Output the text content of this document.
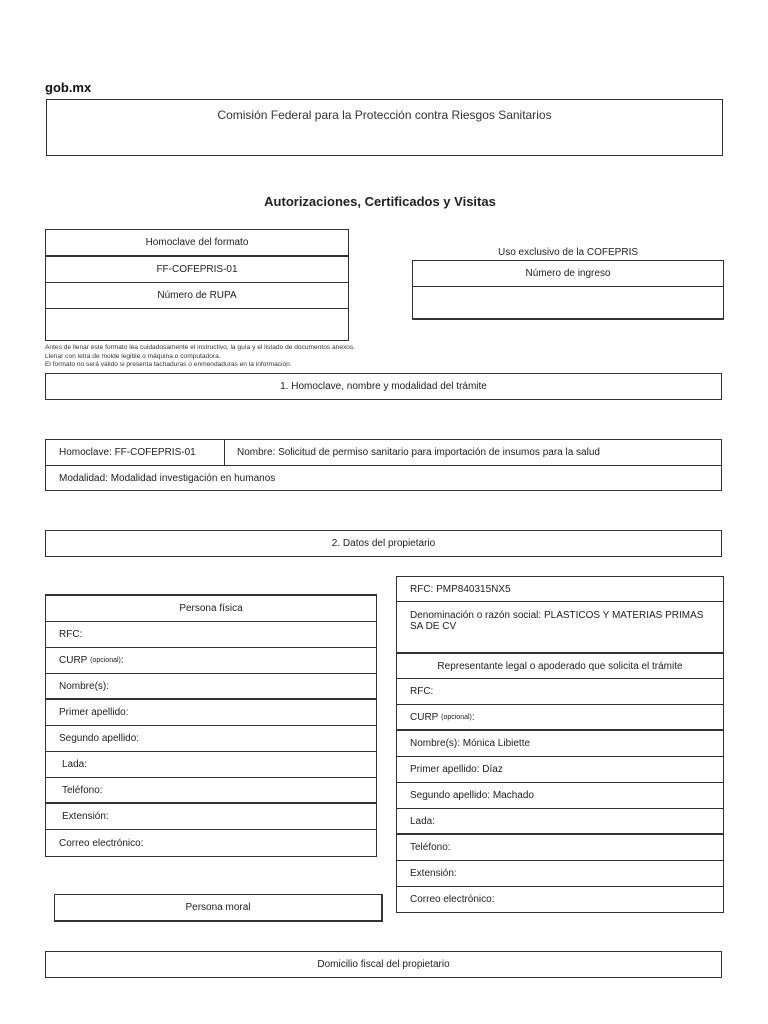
gob.mx
Comisión Federal para la Protección contra Riesgos Sanitarios
Autorizaciones, Certificados y Visitas
Homoclave del formato
FF-COFEPRIS-01
Número de RUPA
Uso exclusivo de la COFEPRIS
Número de ingreso
Antes de llenar este formato lea cuidadosamente el instructivo, la guía y el listado de documentos anexos.
Llenar con letra de molde legible o máquina o computadora.
El formato no será válido si presenta tachaduras o enmendaduras en la información.
1. Homoclave, nombre y modalidad del trámite
Homoclave: FF-COFEPRIS-01	Nombre: Solicitud de permiso sanitario para importación de insumos para la salud
Modalidad: Modalidad investigación en humanos
2. Datos del propietario
Persona física
RFC:
CURP
(opcional) :
Nombre(s):
Primer apellido:
Segundo apellido:
Lada:
Teléfono:
Extensión:
Correo electrónico:
Persona moral
RFC: PMP840315NX5
Denominación o razón social: PLASTICOS Y MATERIAS PRIMAS SA DE CV
Representante legal o apoderado que solicita el trámite
RFC:
CURP
(opcional) :
Nombre(s): Mónica Libiette
Primer apellido: Díaz
Segundo apellido: Machado
Lada:
Teléfono:
Extensión:
Correo electrónico:
Domicilio fiscal del propietario
